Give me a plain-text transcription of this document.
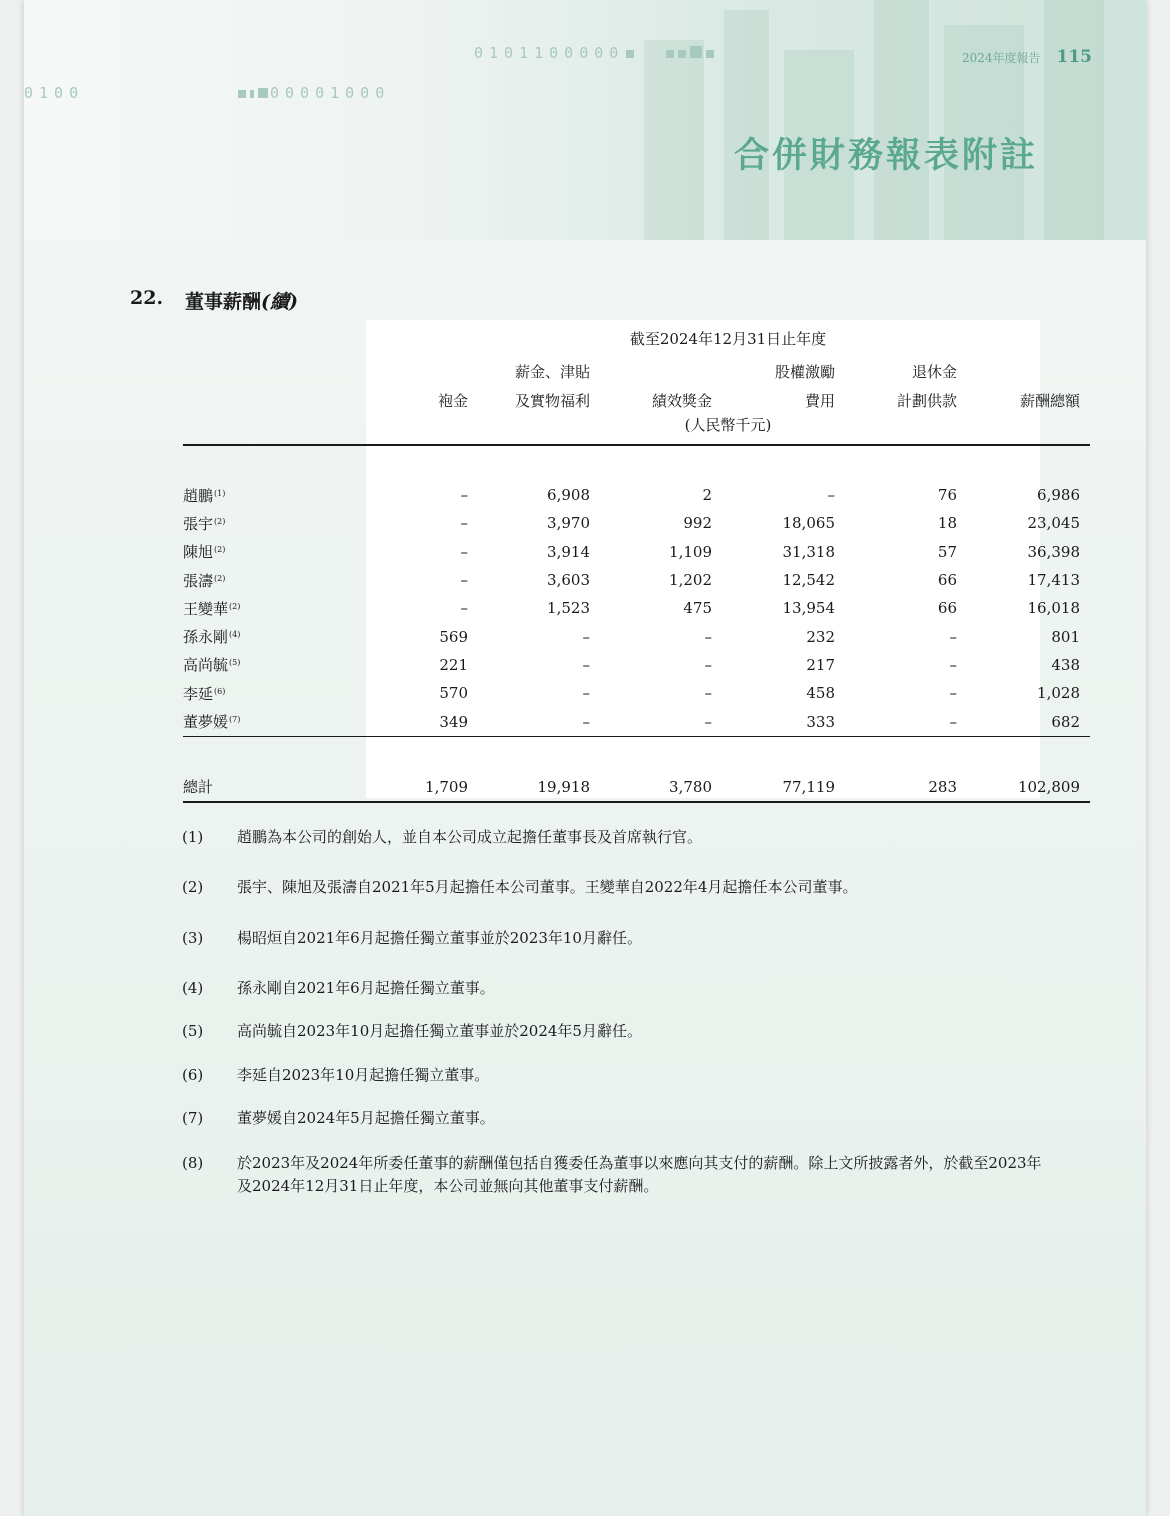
0101100000
0100	00001000
2024年度報告 115
合併財務報表附註
22.	董事薪酬(續)
	截至2024年12月31日止年度					
		薪金、津貼		股權激勵	退休金	
	袍金	及實物福利	績效獎金	費用	計劃供款	薪酬總額
	(人民幣千元)					

趙鵬$^{(1)}$	–	6,908	2	–	76	6,986
張宇$^{(2)}$	–	3,970	992	18,065	18	23,045
陳旭$^{(2)}$	–	3,914	1,109	31,318	57	36,398
張濤$^{(2)}$	–	3,603	1,202	12,542	66	17,413
王變華$^{(2)}$	–	1,523	475	13,954	66	16,018
孫永剛$^{(4)}$	569	–	–	232	–	801
高尚毓$^{(5)}$	221	–	–	217	–	438
李延$^{(6)}$	570	–	–	458	–	1,028
董夢媛$^{(7)}$	349	–	–	333	–	682

總計	1,709	19,918	3,780	77,119	283	102,809
(1)	趙鵬為本公司的創始人，並自本公司成立起擔任董事長及首席執行官。
(2)	張宇、陳旭及張濤自2021年5月起擔任本公司董事。王變華自2022年4月起擔任本公司董事。
(3)	楊昭烜自2021年6月起擔任獨立董事並於2023年10月辭任。
(4)	孫永剛自2021年6月起擔任獨立董事。
(5)	高尚毓自2023年10月起擔任獨立董事並於2024年5月辭任。
(6)	李延自2023年10月起擔任獨立董事。
(7)	董夢媛自2024年5月起擔任獨立董事。
(8)	於2023年及2024年所委任董事的薪酬僅包括自獲委任為董事以來應向其支付的薪酬。除上文所披露者外，於截至2023年及2024年12月31日止年度，本公司並無向其他董事支付薪酬。
